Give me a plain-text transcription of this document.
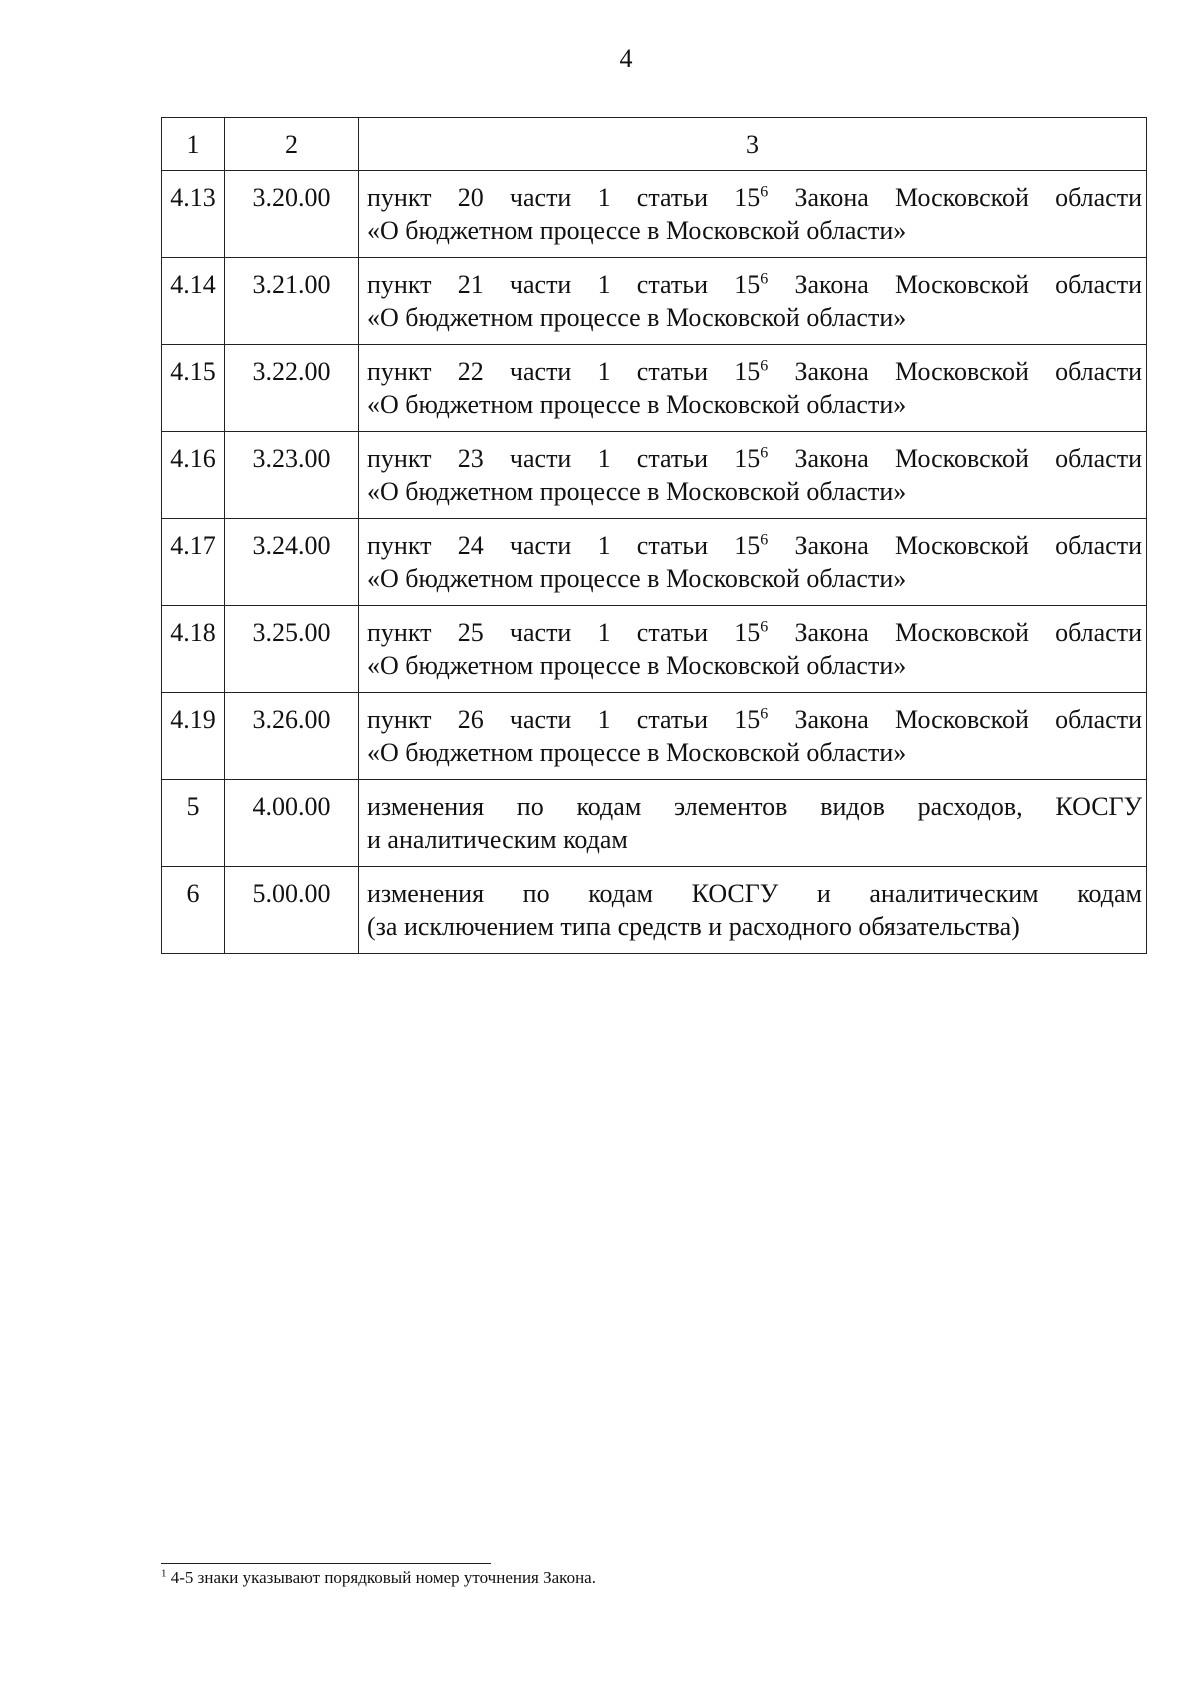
4
1	2	3
4.13	3.20.00	пункт 20 части 1 статьи $15^6$ Закона Московской области
«О бюджетном процессе в Московской области»

4.14	3.21.00	пункт 21 части 1 статьи $15^6$ Закона Московской области
«О бюджетном процессе в Московской области»

4.15	3.22.00	пункт 22 части 1 статьи $15^6$ Закона Московской области
«О бюджетном процессе в Московской области»

4.16	3.23.00	пункт 23 части 1 статьи $15^6$ Закона Московской области
«О бюджетном процессе в Московской области»

4.17	3.24.00	пункт 24 части 1 статьи $15^6$ Закона Московской области
«О бюджетном процессе в Московской области»

4.18	3.25.00	пункт 25 части 1 статьи $15^6$ Закона Московской области
«О бюджетном процессе в Московской области»

4.19	3.26.00	пункт 26 части 1 статьи $15^6$ Закона Московской области
«О бюджетном процессе в Московской области»

5	4.00.00	изменения по кодам элементов видов расходов, КОСГУ
и аналитическим кодам

6	5.00.00	изменения по кодам КОСГУ и аналитическим кодам
(за исключением типа средств и расходного обязательства)
$^1$ 4-5 знаки указывают порядковый номер уточнения Закона.
